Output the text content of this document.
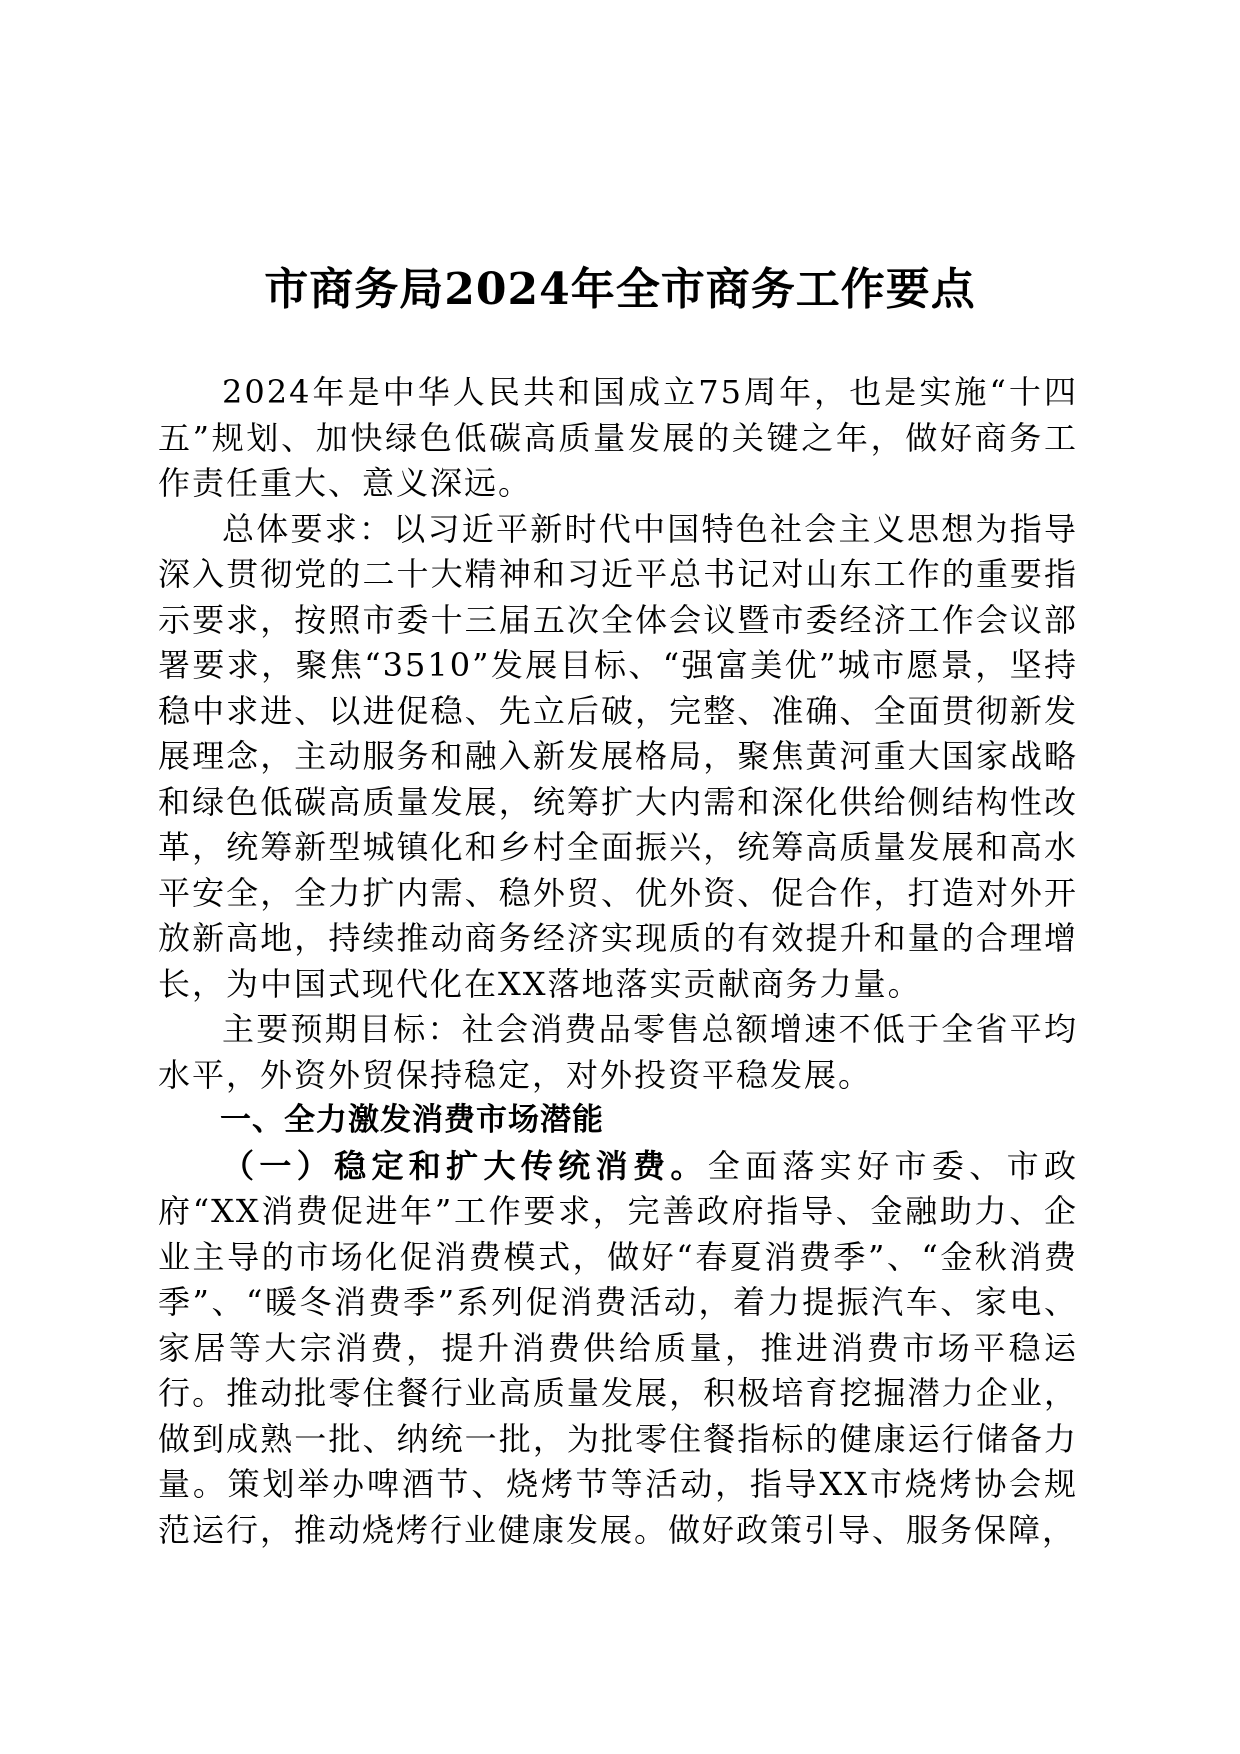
市商务局2024年全市商务工作要点

2024年是中华人民共和国成立75周年，也是实施“十四五”规划、加快绿色低碳高质量发展的关键之年，做好商务工作责任重大、意义深远。

总体要求：以习近平新时代中国特色社会主义思想为指导深入贯彻党的二十大精神和习近平总书记对山东工作的重要指示要求，按照市委十三届五次全体会议暨市委经济工作会议部署要求，聚焦“3510”发展目标、“强富美优”城市愿景，坚持稳中求进、以进促稳、先立后破，完整、准确、全面贯彻新发展理念，主动服务和融入新发展格局，聚焦黄河重大国家战略和绿色低碳高质量发展，统筹扩大内需和深化供给侧结构性改革，统筹新型城镇化和乡村全面振兴，统筹高质量发展和高水平安全，全力扩内需、稳外贸、优外资、促合作，打造对外开放新高地，持续推动商务经济实现质的有效提升和量的合理增长，为中国式现代化在XX落地落实贡献商务力量。

主要预期目标：社会消费品零售总额增速不低于全省平均水平，外资外贸保持稳定，对外投资平稳发展。

一、全力激发消费市场潜能

（一）稳定和扩大传统消费。全面落实好市委、市政府“XX消费促进年”工作要求，完善政府指导、金融助力、企业主导的市场化促消费模式，做好“春夏消费季”、“金秋消费季”、“暖冬消费季”系列促消费活动，着力提振汽车、家电、家居等大宗消费，提升消费供给质量，推进消费市场平稳运行。推动批零住餐行业高质量发展，积极培育挖掘潜力企业，做到成熟一批、纳统一批，为批零住餐指标的健康运行储备力量。策划举办啤酒节、烧烤节等活动，指导XX市烧烤协会规范运行，推动烧烤行业健康发展。做好政策引导、服务保障，
